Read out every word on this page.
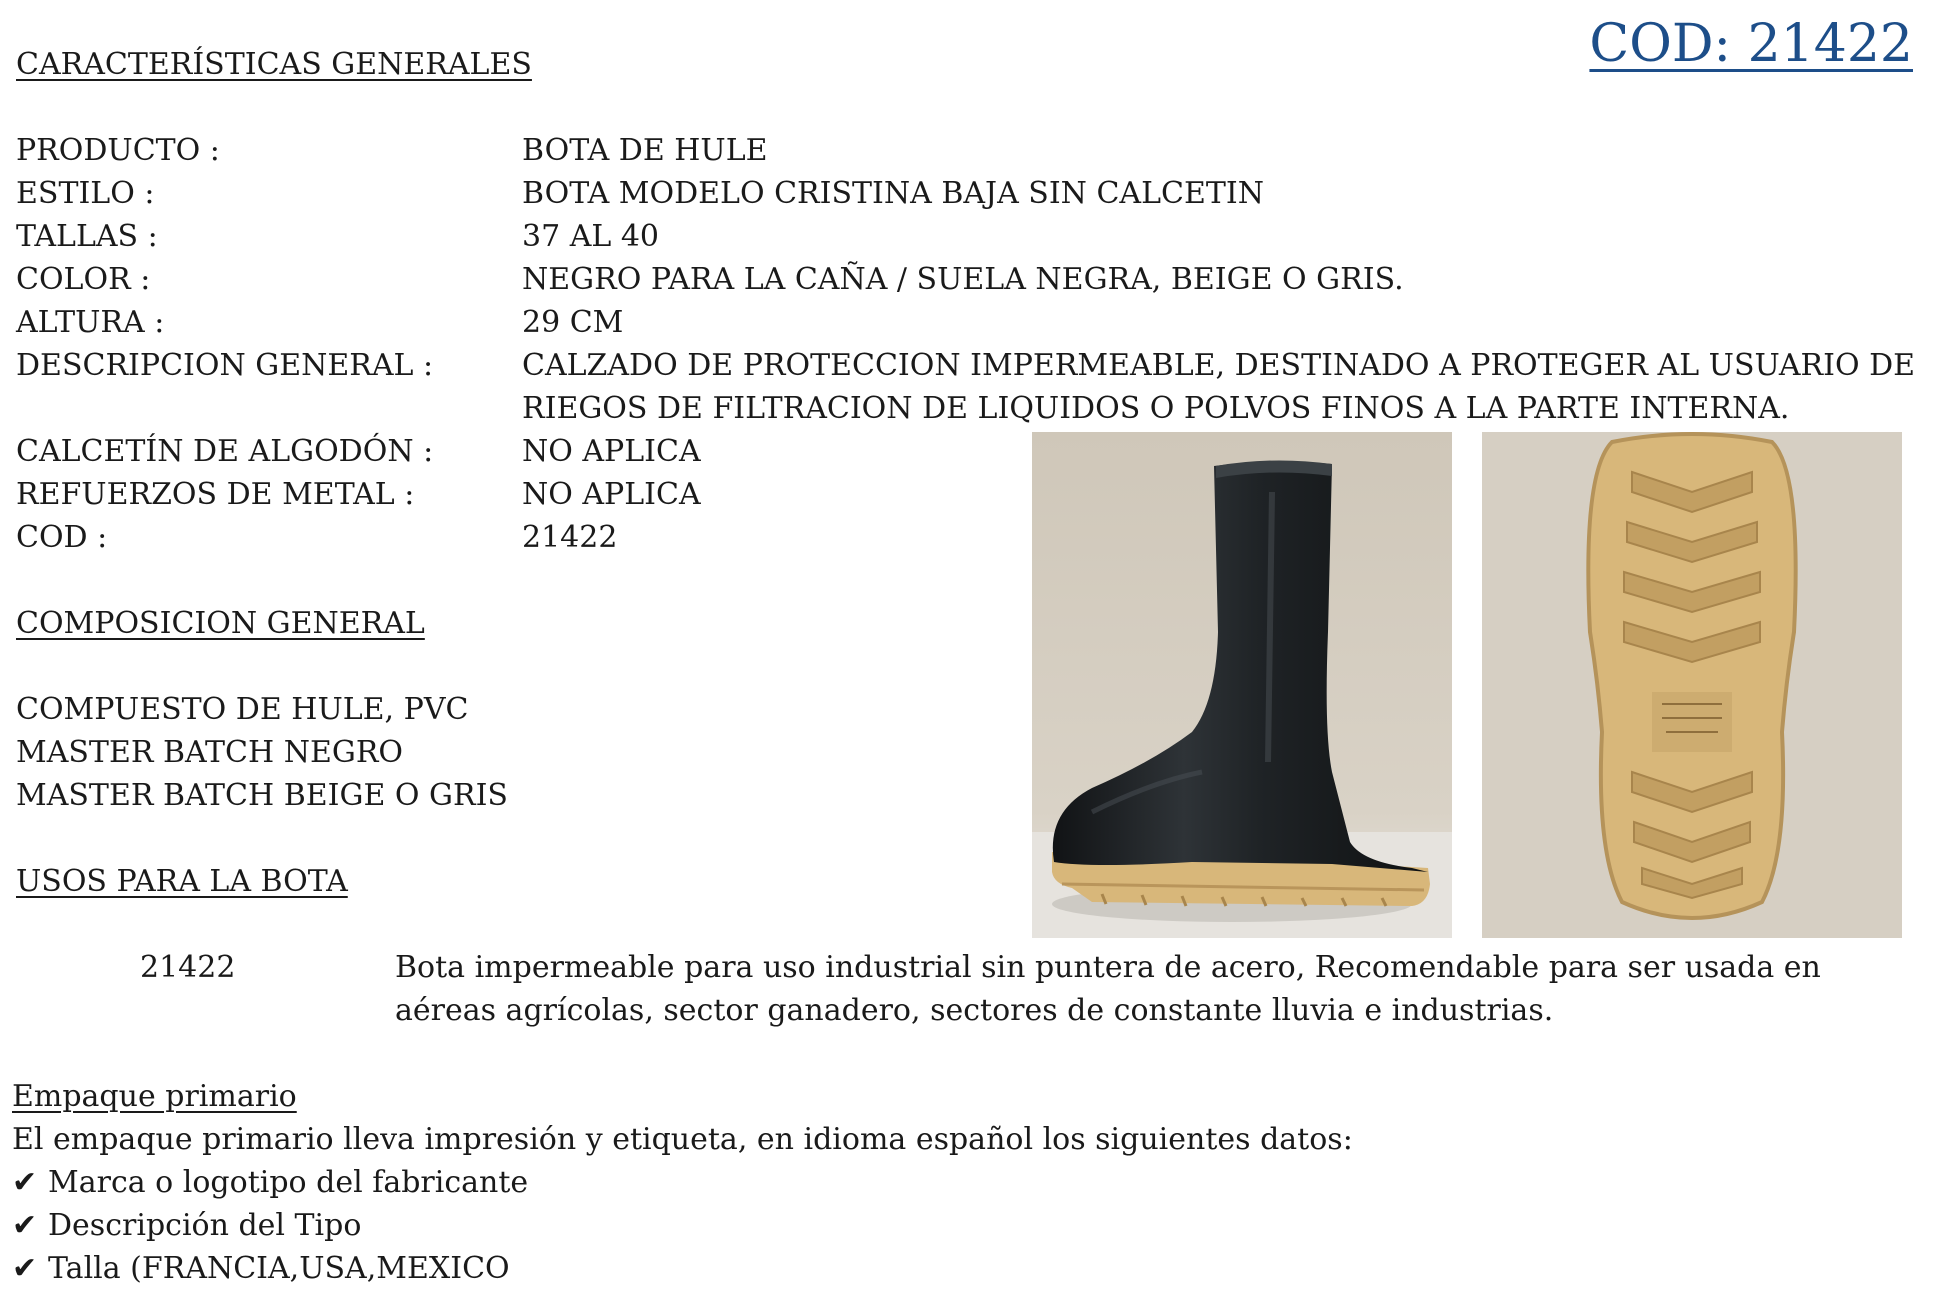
COD: 21422
CARACTERÍSTICAS GENERALES
PRODUCTO :	BOTA DE HULE
ESTILO :	BOTA MODELO CRISTINA BAJA SIN CALCETIN
TALLAS :	37 AL 40
COLOR :	NEGRO PARA LA CAÑA / SUELA NEGRA, BEIGE O GRIS.
ALTURA :	29 CM
DESCRIPCION GENERAL :	CALZADO DE PROTECCION IMPERMEABLE, DESTINADO A PROTEGER AL USUARIO DE
RIEGOS DE FILTRACION DE LIQUIDOS O POLVOS FINOS A LA PARTE INTERNA.
CALCETÍN DE ALGODÓN :	NO APLICA
REFUERZOS DE METAL :	NO APLICA
COD :	21422
COMPOSICION GENERAL
COMPUESTO DE HULE, PVC
MASTER BATCH NEGRO
MASTER BATCH BEIGE O GRIS
USOS PARA LA BOTA
21422	Bota impermeable para uso industrial sin puntera de acero, Recomendable para ser usada en
aéreas agrícolas, sector ganadero, sectores de constante lluvia e industrias.
Empaque primario
El empaque primario lleva impresión y etiqueta, en idioma español los siguientes datos:
✔ Marca o logotipo del fabricante
✔ Descripción del Tipo
✔ Talla (FRANCIA,USA,MEXICO
